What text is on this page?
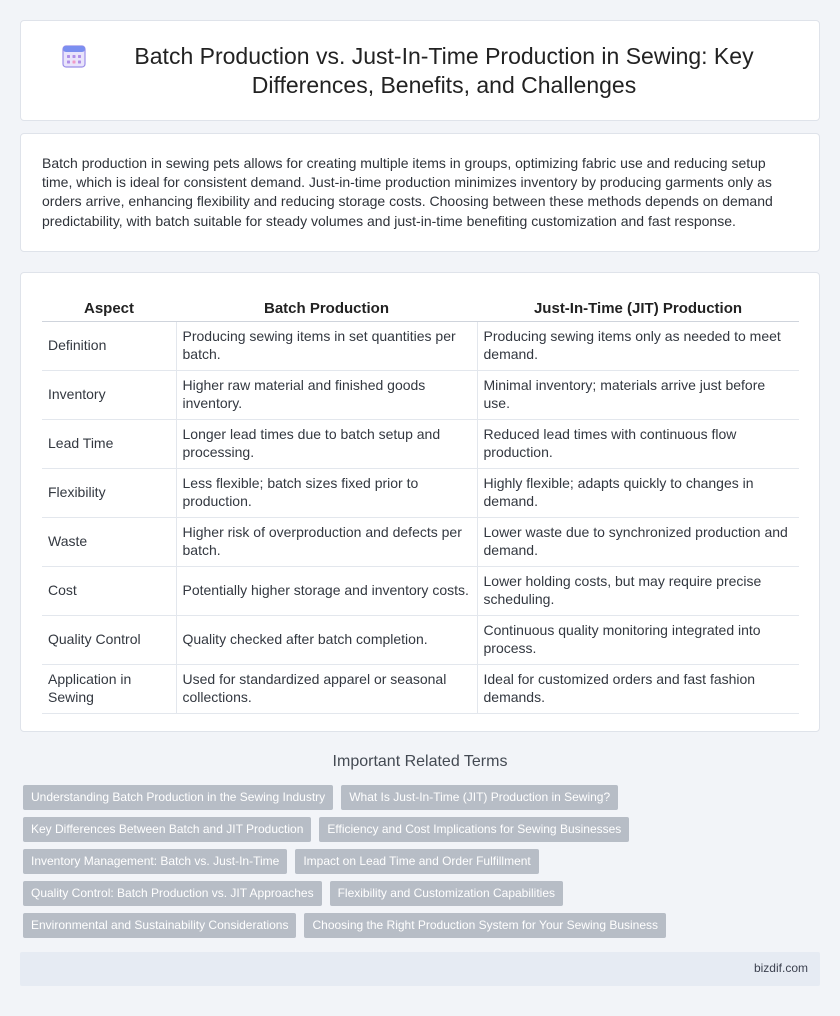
Batch Production vs. Just-In-Time Production in Sewing: Key Differences, Benefits, and Challenges

Batch production in sewing pets allows for creating multiple items in groups, optimizing fabric use and reducing setup time, which is ideal for consistent demand. Just-in-time production minimizes inventory by producing garments only as orders arrive, enhancing flexibility and reducing storage costs. Choosing between these methods depends on demand predictability, with batch suitable for steady volumes and just-in-time benefiting customization and fast response.

Aspect	Batch Production	Just-In-Time (JIT) Production
Definition	Producing sewing items in set quantities per batch.	Producing sewing items only as needed to meet demand.
Inventory	Higher raw material and finished goods inventory.	Minimal inventory; materials arrive just before use.
Lead Time	Longer lead times due to batch setup and processing.	Reduced lead times with continuous flow production.
Flexibility	Less flexible; batch sizes fixed prior to production.	Highly flexible; adapts quickly to changes in demand.
Waste	Higher risk of overproduction and defects per batch.	Lower waste due to synchronized production and demand.
Cost	Potentially higher storage and inventory costs.	Lower holding costs, but may require precise scheduling.
Quality Control	Quality checked after batch completion.	Continuous quality monitoring integrated into process.
Application in Sewing	Used for standardized apparel or seasonal collections.	Ideal for customized orders and fast fashion demands.
Important Related Terms
Understanding Batch Production in the Sewing Industry	What Is Just-In-Time (JIT) Production in Sewing?
Key Differences Between Batch and JIT Production	Efficiency and Cost Implications for Sewing Businesses
Inventory Management: Batch vs. Just-In-Time	Impact on Lead Time and Order Fulfillment
Quality Control: Batch Production vs. JIT Approaches	Flexibility and Customization Capabilities
Environmental and Sustainability Considerations	Choosing the Right Production System for Your Sewing Business
bizdif.com
